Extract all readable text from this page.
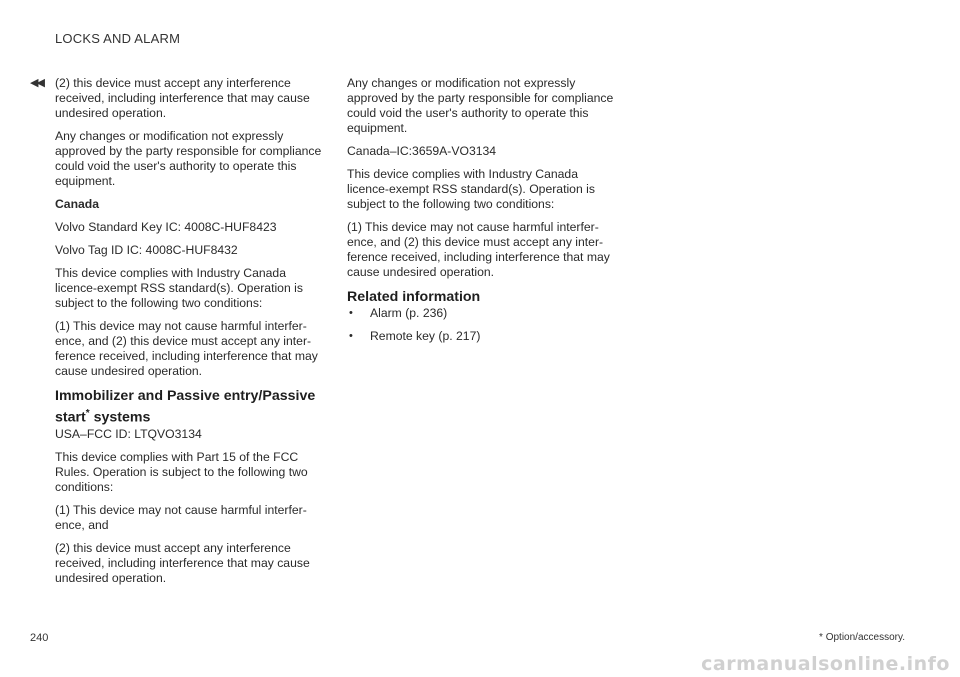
LOCKS AND ALARM
◀◀ (2) this device must accept any interference received, including interference that may cause undesired operation.

Any changes or modification not expressly approved by the party responsible for compliance could void the user's authority to operate this equipment.

Canada

Volvo Standard Key IC: 4008C-HUF8423

Volvo Tag ID IC: 4008C-HUF8432

This device complies with Industry Canada licence-exempt RSS standard(s). Operation is subject to the following two conditions:

(1) This device may not cause harmful interfer-ence, and (2) this device must accept any inter-ference received, including interference that may cause undesired operation.

Immobilizer and Passive entry/Passive start* systems

USA–FCC ID: LTQVO3134

This device complies with Part 15 of the FCC Rules. Operation is subject to the following two conditions:

(1) This device may not cause harmful interfer-ence, and

(2) this device must accept any interference received, including interference that may cause undesired operation.

Any changes or modification not expressly approved by the party responsible for compliance could void the user's authority to operate this equipment.

Canada–IC:3659A-VO3134

This device complies with Industry Canada licence-exempt RSS standard(s). Operation is subject to the following two conditions:

(1) This device may not cause harmful interfer-ence, and (2) this device must accept any inter-ference received, including interference that may cause undesired operation.

Related information
• Alarm (p. 236)
• Remote key (p. 217)
240	* Option/accessory.
carmanualsonline.info
